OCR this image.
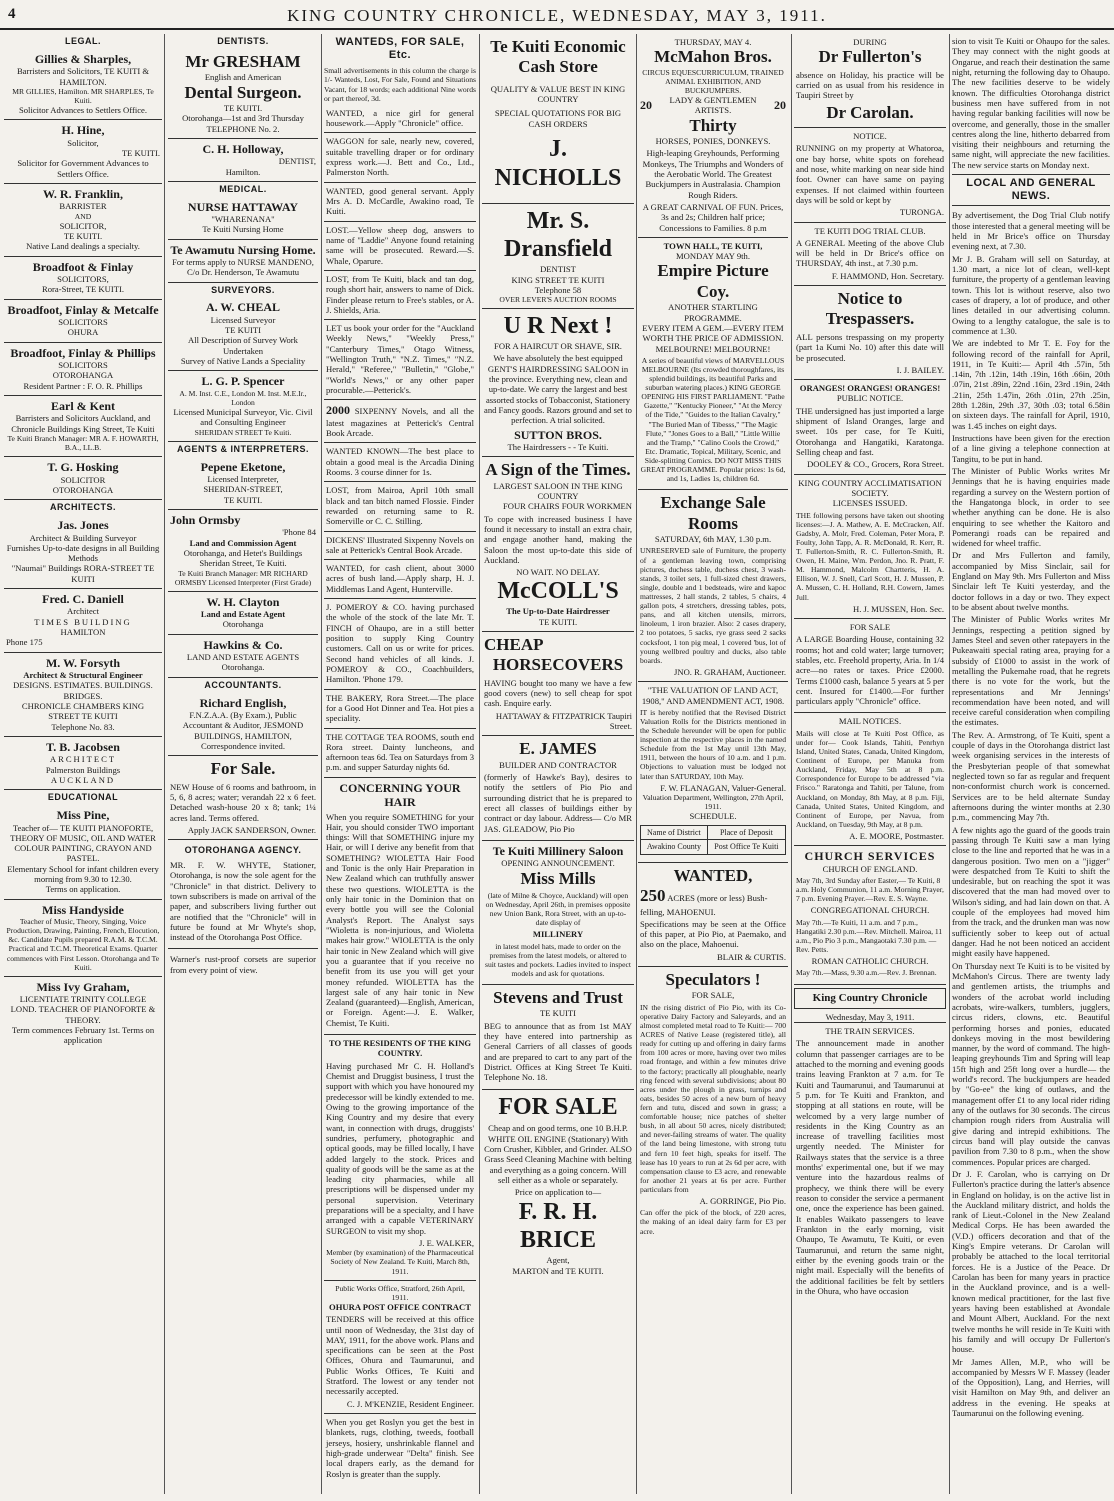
4	KING COUNTRY CHRONICLE, WEDNESDAY, MAY 3, 1911.
LEGAL.
Gillies & Sharples,
Barristers and Solicitors, TE KUITI & HAMILTON.
MR GILLIES, Hamilton. MR SHARPLES, Te Kuiti.
Solicitor Advances to Settlers Office.
H. Hine,
Solicitor,
TE KUITI.
Solicitor for Government Advances to Settlers Office.
W. R. Franklin,
BARRISTER
AND
SOLICITOR,
TE KUITI.
Native Land dealings a specialty.
Broadfoot & Finlay
SOLICITORS,
Rora-Street, TE KUITI.
Broadfoot, Finlay & Metcalfe
SOLICITORS
OHURA
Broadfoot, Finlay & Phillips
SOLICITORS
OTOROHANGA
Resident Partner : F. O. R. Phillips
Earl & Kent
Barristers and Solicitors Auckland, and Chronicle Buildings King Street, Te Kuiti
Te Kuiti Branch Manager: MR A. F. HOWARTH, B.A., LL.B.
T. G. Hosking
SOLICITOR
OTOROHANGA
ARCHITECTS.
Jas. Jones
Architect & Building Surveyor
Furnishes Up-to-date designs in all Building Methods
"Naumai" Buildings RORA-STREET TE KUITI
Fred. C. Daniell
Architect
TIMES BUILDING
HAMILTON
Phone 175
M. W. Forsyth
Architect & Structural Engineer
DESIGNS. ESTIMATES. BUILDINGS. BRIDGES.
CHRONICLE CHAMBERS KING STREET TE KUITI
Telephone No. 83.
T. B. Jacobsen
ARCHITECT
Palmerston Buildings
AUCKLAND
EDUCATIONAL
Miss Pine,
Teacher of— TE KUITI PIANOFORTE, THEORY OF MUSIC, OIL AND WATER COLOUR PAINTING, CRAYON AND PASTEL.
Elementary School for infant children every morning from 9.30 to 12.30.
Terms on application.
Miss Handyside
Teacher of Music, Theory, Singing, Voice Production, Drawing, Painting, French, Elocution, &c. Candidate Pupils prepared R.A.M. & T.C.M. Practical and T.C.M. Theoretical Exams. Quarter commences with First Lesson. Otorohanga and Te Kuiti.
Miss Ivy Graham,
LICENTIATE TRINITY COLLEGE LOND. TEACHER OF PIANOFORTE & THEORY.
Term commences February 1st. Terms on application
DENTISTS.
Mr GRESHAM
English and American
Dental Surgeon.
TE KUITI.
Otorohanga—1st and 3rd Thursday
TELEPHONE No. 2.
C. H. Holloway,
DENTIST,
Hamilton.
MEDICAL.
NURSE HATTAWAY
"WHARENANA"
Te Kuiti Nursing Home
Te Awamutu Nursing Home.
For terms apply to NURSE MANDENO, C/o Dr. Henderson, Te Awamutu
SURVEYORS.
A. W. CHEAL
Licensed Surveyor
TE KUITI
All Description of Survey Work Undertaken
Survey of Native Lands a Speciality
L. G. P. Spencer
A. M. Inst. C.E., London M. Inst. M.E.Ir., London
Licensed Municipal Surveyor, Vic. Civil and Consulting Engineer
SHERIDAN STREET Te Kuiti.
AGENTS & INTERPRETERS.
Pepene Eketone,
Licensed Interpreter,
SHERIDAN-STREET,
TE KUITI.
John Ormsby
'Phone 84
Land and Commission Agent
Otorohanga, and Hetet's Buildings Sheridan Street, Te Kuiti.
Te Kuiti Branch Manager: MR RICHARD ORMSBY Licensed Interpreter (First Grade)
W. H. Clayton
Land and Estate Agent
Otorohanga
Hawkins & Co.
LAND AND ESTATE AGENTS
Otorohanga.
ACCOUNTANTS.
Richard English,
F.N.Z.A.A. (By Exam.), Public Accountant & Auditor, JESMOND BUILDINGS, HAMILTON, Correspondence invited.
For Sale.

NEW House of 6 rooms and bathroom, in 5, 6, 8 acres; water; verandah 22 x 6 feet. Detached wash-house 20 x 8; tank; 1¼ acres land. Terms offered.

Apply JACK SANDERSON, Owner.
OTOROHANGA AGENCY.

MR. F. W. WHYTE, Stationer, Otorohanga, is now the sole agent for the "Chronicle" in that district. Delivery to town subscribers is made on arrival of the paper, and subscribers living further out are notified that the "Chronicle" will in future be found at Mr Whyte's shop, instead of the Otorohanga Post Office.

Warner's rust-proof corsets are superior from every point of view.

WANTEDS, FOR SALE, Etc.

Small advertisements in this column the charge is 1/- Wanteds, Lost, For Sale, Found and Situations Vacant, for 18 words; each additional Nine words or part thereof, 3d.

WANTED, a nice girl for general housework.—Apply "Chronicle" office.
WAGGON for sale, nearly new, covered, suitable travelling draper or for ordinary express work.—J. Bett and Co., Ltd., Palmerston North.
WANTED, good general servant. Apply Mrs A. D. McCardle, Awakino road, Te Kuiti.
LOST.—Yellow sheep dog, answers to name of "Laddie" Anyone found retaining same will be prosecuted. Reward.—S. Whale, Oparure.
LOST, from Te Kuiti, black and tan dog, rough short hair, answers to name of Dick. Finder please return to Free's stables, or A. J. Shields, Aria.
LET us book your order for the "Auckland Weekly News," "Weekly Press," "Canterbury Times," Otago Witness, "Wellington Truth," "N.Z. Times," "N.Z. Herald," "Referee," "Bulletin," "Globe," "World's News," or any other paper procurable.—Petterick's.
2000 SIXPENNY Novels, and all the latest magazines at Petterick's Central Book Arcade.
WANTED KNOWN—The best place to obtain a good meal is the Arcadia Dining Rooms. 3 course dinner for 1s.
LOST, from Mairoa, April 10th small black and tan bitch named Flossie. Finder rewarded on returning same to R. Somerville or C. C. Stilling.
DICKENS' Illustrated Sixpenny Novels on sale at Petterick's Central Book Arcade.
WANTED, for cash client, about 3000 acres of bush land.—Apply sharp, H. J. Middlemas Land Agent, Hunterville.
J. POMEROY & CO. having purchased the whole of the stock of the late Mr. T. FINCH of Ohaupo, are in a still better position to supply King Country customers. Call on us or write for prices. Second hand vehicles of all kinds. J. POMEROY & CO., Coachbuilders, Hamilton. 'Phone 179.
THE BAKERY, Rora Street.—The place for a Good Hot Dinner and Tea. Hot pies a speciality.
THE COTTAGE TEA ROOMS, south end Rora street. Dainty luncheons, and afternoon teas 6d. Tea on Saturdays from 3 p.m. and supper Saturday nights 6d.
CONCERNING YOUR HAIR

When you require SOMETHING for your Hair, you should consider TWO important things: Will that SOMETHING injure my Hair, or will I derive any benefit from that SOMETHING? WIOLETTA Hair Food and Tonic is the only Hair Preparation in New Zealand which can truthfully answer these two questions. WIOLETTA is the only hair tonic in the Dominion that on every bottle you will see the Colonial Analyst's Report. The Analyst says "Wioletta is non-injurious, and Wioletta makes hair grow." WIOLETTA is the only hair tonic in New Zealand which will give you a guarantee that if you receive no benefit from its use you will get your money refunded. WIOLETTA has the largest sale of any hair tonic in New Zealand (guaranteed)—English, American, or Foreign. Agent:—J. E. Walker, Chemist, Te Kuiti.

TO THE RESIDENTS OF THE KING COUNTRY.

Having purchased Mr C. H. Holland's Chemist and Druggist business, I trust the support with which you have honoured my predecessor will be kindly extended to me. Owing to the growing importance of the King Country and my desire that every want, in connection with drugs, druggists' sundries, perfumery, photographic and optical goods, may be filled locally, I have added largely to the stock. Prices and quality of goods will be the same as at the leading city pharmacies, while all prescriptions will be dispensed under my personal supervision. Veterinary preparations will be a specialty, and I have arranged with a capable VETERINARY SURGEON to visit my shop.

J. E. WALKER,
Member (by examination) of the Pharmaceutical Society of New Zealand. Te Kuiti, March 8th, 1911.
Public Works Office, Stratford, 26th April, 1911.
OHURA POST OFFICE CONTRACT

TENDERS will be received at this office until noon of Wednesday, the 31st day of MAY, 1911, for the above work. Plans and specifications can be seen at the Post Offices, Ohura and Taumarunui, and Public Works Offices, Te Kuiti and Stratford. The lowest or any tender not necessarily accepted.

C. J. M'KENZIE, Resident Engineer.
When you get Roslyn you get the best in blankets, rugs, clothing, tweeds, football jerseys, hosiery, unshrinkable flannel and high-grade underwear "Delta" finish. See local drapers early, as the demand for Roslyn is greater than the supply.
Te Kuiti Economic Cash Store
QUALITY & VALUE BEST IN KING COUNTRY
SPECIAL QUOTATIONS FOR BIG CASH ORDERS
J. NICHOLLS
Mr. S. Dransfield
DENTIST
KING STREET TE KUITI
Telephone 58
OVER LEVER'S AUCTION ROOMS
U R Next !
FOR A HAIRCUT OR SHAVE, SIR.

We have absolutely the best equipped GENT'S HAIRDRESSING SALOON in the province. Everything new, clean and up-to-date. We carry the largest and best assorted stocks of Tobacconist, Stationery and Fancy goods. Razors ground and set to perfection. A trial solicited.

SUTTON BROS.
The Hairdressers - - Te Kuiti.
A Sign of the Times.
LARGEST SALOON IN THE KING COUNTRY
FOUR CHAIRS FOUR WORKMEN

To cope with increased business I have found it necessary to install an extra chair, and engage another hand, making the Saloon the most up-to-date this side of Auckland.

NO WAIT. NO DELAY.
McCOLL'S
The Up-to-Date Hairdresser
TE KUITI.
CHEAP
HORSECOVERS

HAVING bought too many we have a few good covers (new) to sell cheap for spot cash. Enquire early.

HATTAWAY & FITZPATRICK Taupiri Street.
E. JAMES
BUILDER AND CONTRACTOR

(formerly of Hawke's Bay), desires to notify the settlers of Pio Pio and surrounding district that he is prepared to erect all classes of buildings either by contract or day labour. Address— C/o MR JAS. GLEADOW, Pio Pio

Te Kuiti Millinery Saloon
OPENING ANNOUNCEMENT.
Miss Mills

(late of Milne & Choyce, Auckland) will open on Wednesday, April 26th, in premises opposite new Union Bank, Rora Street, with an up-to-date display of

MILLINERY

in latest model hats, made to order on the premises from the latest models, or altered to suit tastes and pockets. Ladies invited to inspect models and ask for quotations.

Stevens and Trust
TE KUITI

BEG to announce that as from 1st MAY they have entered into partnership as General Carriers of all classes of goods and are prepared to cart to any part of the District. Offices at King Street Te Kuiti. Telephone No. 18.

FOR SALE

Cheap and on good terms, one 10 B.H.P. WHITE OIL ENGINE (Stationary) With Corn Crusher, Kibbler, and Grinder. ALSO Grass Seed Cleaning Machine with belting and everything as a going concern. Will sell either as a whole or separately.

Price on application to—
F. R. H. BRICE
Agent,
MARTON and TE KUITI.
THURSDAY, MAY 4.
McMahon Bros.
CIRCUS EQUESCURRICULUM, TRAINED ANIMAL EXHIBITION, AND BUCKJUMPERS.
20	LADY & GENTLEMEN ARTISTS.	20
Thirty
HORSES, PONIES, DONKEYS.

High-leaping Greyhounds, Performing Monkeys, The Triumphs and Wonders of the Aerobatic World. The Greatest Buckjumpers in Australasia. Champion Rough Riders.

A GREAT CARNIVAL OF FUN. Prices, 3s and 2s; Children half price; Concessions to Families. 8 p.m
TOWN HALL, TE KUITI,
MONDAY MAY 9th.
Empire Picture Coy.
ANOTHER STARTLING PROGRAMME.
EVERY ITEM A GEM.—EVERY ITEM WORTH THE PRICE OF ADMISSION.
MELBOURNE! MELBOURNE!

A series of beautiful views of MARVELLOUS MELBOURNE (Its crowded thoroughfares, its splendid buildings, its beautiful Parks and suburban watering places.) KING GEORGE OPENING HIS FIRST PARLIAMENT. "Pathe Gazette," "Kentucky Pioneer," "At the Mercy of the Tide," "Guides to the Italian Cavalry," "The Buried Man of Tibesss," "The Magic Flute," "Jones Goes to a Ball," "Little Willie and the Tramp," "Calino Cools the Crowd," Etc. Dramatic, Topical, Military, Scenic, and Side-splitting Comics. DO NOT MISS THIS GREAT PROGRAMME. Popular prices: 1s 6d, and 1s, Ladies 1s, children 6d.

Exchange Sale Rooms
SATURDAY, 6th MAY, 1.30 p.m.

UNRESERVED sale of Furniture, the property of a gentleman leaving town, comprising pictures, duchess table, duchess chest, 3 wash-stands, 3 toilet sets, 1 full-sized chest drawers, single, double and 1 bedsteads, wire and kapoc mattresses, 2 hall stands, 2 tables, 5 chairs, 4 gallon pots, 4 stretchers, dressing tables, pots, pans, and all kitchen utensils, mirrors, linoleum, 1 iron brazier. Also: 2 cases drapery, 2 too potatoes, 5 sacks, rye grass seed 2 sacks cocksfoot, 1 ton pig meal, 1 covered 'bus, lot of young wellbred poultry and ducks, also table boards.

JNO. R. GRAHAM, Auctioneer.
"THE VALUATION OF LAND ACT, 1908," AND AMENDMENT ACT, 1908.

IT is hereby notified that the Revised District Valuation Rolls for the Districts mentioned in the Schedule hereunder will be open for public inspection at the respective places in the named Schedule from the 1st May until 13th May, 1911, between the hours of 10 a.m. and 1 p.m. Objections to valuation must be lodged not later than SATURDAY, 10th May.

F. W. FLANAGAN, Valuer-General.
Valuation Department, Wellington, 27th April, 1911.
SCHEDULE.
Name of District	Place of Deposit
Awakino County	Post Office Te Kuiti
WANTED,
250 ACRES (more or less) Bush-felling, MAHOENUI.

Specifications may be seen at the Office of this paper, at Pio Pio, at Paemako, and also on the place, Mahoenui.

BLAIR & CURTIS.
Speculators !
FOR SALE,

IN the rising district of Pio Pio, with its Co-operative Dairy Factory and Saleyards, and an almost completed metal road to Te Kuiti:— 700 ACRES of Native Lease (registered title), all ready for cutting up and offering in dairy farms from 100 acres or more, having over two miles road frontage, and within a few minutes drive to the factory; practically all ploughable, nearly ring fenced with several subdivisions; about 80 acres under the plough in grass, turnips and oats, besides 50 acres of a new burn of heavy fern and tutu, disced and sown in grass; a comfortable house; nice patches of shelter bush, in all about 50 acres, nicely distributed; and never-failing streams of water. The quality of the land being limestone, with strong tutu and fern 10 feet high, speaks for itself. The lease has 10 years to run at 2s 6d per acre, with compensation clause to £3 acre, and renewable for another 21 years at 6s per acre. Further particulars from

A. GORRINGE, Pio Pio.

Can offer the pick of the block, of 220 acres, the making of an ideal dairy farm for £3 per acre.

DURING
Dr Fullerton's

absence on Holiday, his practice will be carried on as usual from his residence in Taupiri Street by

Dr Carolan.
NOTICE.

RUNNING on my property at Whatoroa, one bay horse, white spots on forehead and nose, white marking on near side hind foot. Owner can have same on paying expenses. If not claimed within fourteen days will be sold or kept by

TURONGA.
TE KUITI DOG TRIAL CLUB.

A GENERAL Meeting of the above Club will be held in Dr Brice's office on THURSDAY, 4th inst., at 7.30 p.m.

F. HAMMOND, Hon. Secretary.
Notice to Trespassers.

ALL persons trespassing on my property (part 1a Kumi No. 10) after this date will be prosecuted.

I. J. BAILEY.
ORANGES! ORANGES! ORANGES!
PUBLIC NOTICE.

THE undersigned has just imported a large shipment of Island Oranges, large and sweet. 10s per case, for Te Kuiti, Otorohanga and Hangatiki, Karatonga. Selling cheap and fast.

DOOLEY & CO., Grocers, Rora Street.
KING COUNTRY ACCLIMATISATION SOCIETY.
LICENSES ISSUED.

THE following persons have taken out shooting licenses:—J. A. Mathew, A. E. McCracken, Alf. Gadsby, A. Molr, Fred. Coleman, Peter Mora, P. Foulty, John Tapp, A. R. McDonald, R. Kerr, R. T. Fullerton-Smith, R. C. Fullerton-Smith, R. Owen, H. Maine, Wm. Perdon, Jno. R. Pratt, F. M. Hammond, Malcolm Chartteris, H. A. Ellison, W. J. Snell, Carl Scott, H. J. Mussen, P. A. Mussen, C. H. Holland, R.H. Cowern, James Jull.

H. J. MUSSEN, Hon. Sec.
FOR SALE

A LARGE Boarding House, containing 32 rooms; hot and cold water; large turnover; stables, etc. Freehold property, Aria. In 1/4 acre—no rates or taxes. Price £2000. Terms £1000 cash, balance 5 years at 5 per cent. Insured for £1400.—For further particulars apply "Chronicle" office.

MAIL NOTICES.

Mails will close at Te Kuiti Post Office, as under for— Cook Islands, Tahiti, Penrhyn Island, United States, Canada, United Kingdom, Continent of Europe, per Manuka from Auckland, Friday, May 5th at 8 p.m. Correspondence for Europe to be addressed "via Frisco." Raratonga and Tahiti, per Talune, from Auckland, on Monday, 8th May, at 8 p.m. Fiji, Canada, United States, United Kingdom, and Continent of Europe, per Navua, from Auckland, on Tuesday, 9th May, at 8 p.m.

A. E. MOORE, Postmaster.
CHURCH SERVICES
CHURCH OF ENGLAND.

May 7th, 3rd Sunday after Easter,— Te Kuiti, 8 a.m. Holy Communion, 11 a.m. Morning Prayer, 7 p.m. Evening Prayer.—Rev. E. S. Wayne.

CONGREGATIONAL CHURCH.

May 7th.—Te Kuiti, 11 a.m. and 7 p.m., Hangatiki 2.30 p.m.—Rev. Mitchell. Mairoa, 11 a.m., Pio Pio 3 p.m., Mangaotaki 7.30 p.m. —Rev. Petts.

ROMAN CATHOLIC CHURCH.

May 7th.—Mass, 9.30 a.m.—Rev. J. Brennan.

King Country Chronicle
Wednesday, May 3, 1911.
THE TRAIN SERVICES.

The announcement made in another column that passenger carriages are to be attached to the morning and evening goods trains leaving Frankton at 7 a.m. for Te Kuiti and Taumarunui, and Taumarunui at 5 p.m. for Te Kuiti and Frankton, and stopping at all stations en route, will be welcomed by a very large number of residents in the King Country as an increase of travelling facilities most urgently needed. The Minister for Railways states that the service is a three months' experimental one, but if we may venture into the hazardous realms of prophecy, we think there will be every reason to consider the service a permanent one, once the experience has been gained. It enables Waikato passengers to leave Frankton in the early morning, visit Ohaupo, Te Awamutu, Te Kuiti, or even Taumarunui, and return the same night, either by the evening goods train or the night mail. Especially will the benefits of the additional facilities be felt by settlers in the Ohura, who have occasion

sion to visit Te Kuiti or Ohaupo for the sales. They may connect with the night goods at Ongarue, and reach their destination the same night, returning the following day to Ohaupo. The new facilities deserve to be widely known. The difficulties Otorohanga district business men have suffered from in not having regular banking facilities will now be overcome, and generally, those in the smaller centres along the line, hitherto debarred from visiting their neighbours and returning the same night, will appreciate the new facilities. The new service starts on Monday next.

LOCAL AND GENERAL NEWS.

By advertisement, the Dog Trial Club notify those interested that a general meeting will be held in Mr Brice's office on Thursday evening next, at 7.30.

Mr J. B. Graham will sell on Saturday, at 1.30 mart, a nice lot of clean, well-kept furniture, the property of a gentleman leaving town. This lot is without reserve, also two cases of drapery, a lot of produce, and other lines detailed in our advertising column. Owing to a lengthy catalogue, the sale is to commence at 1.30.

We are indebted to Mr T. E. Foy for the following record of the rainfall for April, 1911, in Te Kuiti:— April 4th .57in, 5th .14in, 7th .12in, 14th .19in, 16th .66in, 20th .07in, 21st .89in, 22nd .16in, 23rd .19in, 24th .21in, 25th 1.47in, 26th .01in, 27th .25in, 28th 1.28in, 29th .37, 30th .03; total 6.58in on sixteen days. The rainfall for April, 1910, was 1.45 inches on eight days.

Instructions have been given for the erection of a line giving a telephone connection at Tangitu, to be put in hand.

The Minister of Public Works writes Mr Jennings that he is having enquiries made regarding a survey on the Western portion of the Hangatonga block, in order to see whether anything can be done. He is also enquiring to see whether the Kaitoro and Pomerangi roads can be repaired and widened for wheel traffic.

Dr and Mrs Fullerton and family, accompanied by Miss Sinclair, sail for England on May 9th. Mrs Fullerton and Miss Sinclair left Te Kuiti yesterday, and the doctor follows in a day or two. They expect to be absent about twelve months.

The Minister of Public Works writes Mr Jennings, respecting a petition signed by James Steel and seven other ratepayers in the Pukeawaiti special rating area, praying for a subsidy of £1000 to assist in the work of metalling the Pukemahe road, that he regrets there is no vote for the work, but the representations and Mr Jennings' recommendation have been noted, and will receive careful consideration when compiling the estimates.

The Rev. A. Armstrong, of Te Kuiti, spent a couple of days in the Otorohanga district last week organising services in the interests of the Presbyterian people of that somewhat neglected town so far as regular and frequent non-conformist church work is concerned. Services are to be held alternate Sunday afternoons during the winter months at 2.30 p.m., commencing May 7th.

A few nights ago the guard of the goods train passing through Te Kuiti saw a man lying close to the line and reported that he was in a dangerous position. Two men on a "jigger" were despatched from Te Kuiti to shift the undesirable, but on reaching the spot it was discovered that the man had moved over to Wilson's siding, and had lain down on that. A couple of the employees had moved him from the track, and the drunken man was now sufficiently sober to keep out of actual danger. Had he not been noticed an accident might easily have happened.

On Thursday next Te Kuiti is to be visited by McMahon's Circus. There are twenty lady and gentlemen artists, the triumphs and wonders of the acrobat world including acrobats, wire-walkers, tumblers, jugglers, circus riders, clowns, etc. Beautiful performing horses and ponies, educated donkeys moving in the most bewildering manner, by the word of command. The high-leaping greyhounds Tim and Spring will leap 15ft high and 25ft long over a hurdle— the world's record. The buckjumpers are headed by "Go-ee" the king of outlaws, and the management offer £1 to any local rider riding any of the outlaws for 30 seconds. The circus champion rough riders from Australia will give daring and intrepid exhibitions. The circus band will play outside the canvas pavilion from 7.30 to 8 p.m., when the show commences. Popular prices are charged.

Dr J. F. Carolan, who is carrying on Dr Fullerton's practice during the latter's absence in England on holiday, is on the active list in the Auckland military district, and holds the rank of Lieut.-Colonel in the New Zealand Medical Corps. He has been awarded the (V.D.) officers decoration and that of the King's Empire veterans. Dr Carolan will probably be attached to the local territorial forces. He is a Justice of the Peace. Dr Carolan has been for many years in practice in the Auckland province, and is a well-known medical practitioner, for the last five years having been established at Avondale and Mount Albert, Auckland. For the next twelve months he will reside in Te Kuiti with his family and will occupy Dr Fullerton's house.

Mr James Allen, M.P., who will be accompanied by Messrs W F. Massey (leader of the Opposition), Lang, and Herries, will visit Hamilton on May 9th, and deliver an address in the evening. He speaks at Taumarunui on the following evening.
